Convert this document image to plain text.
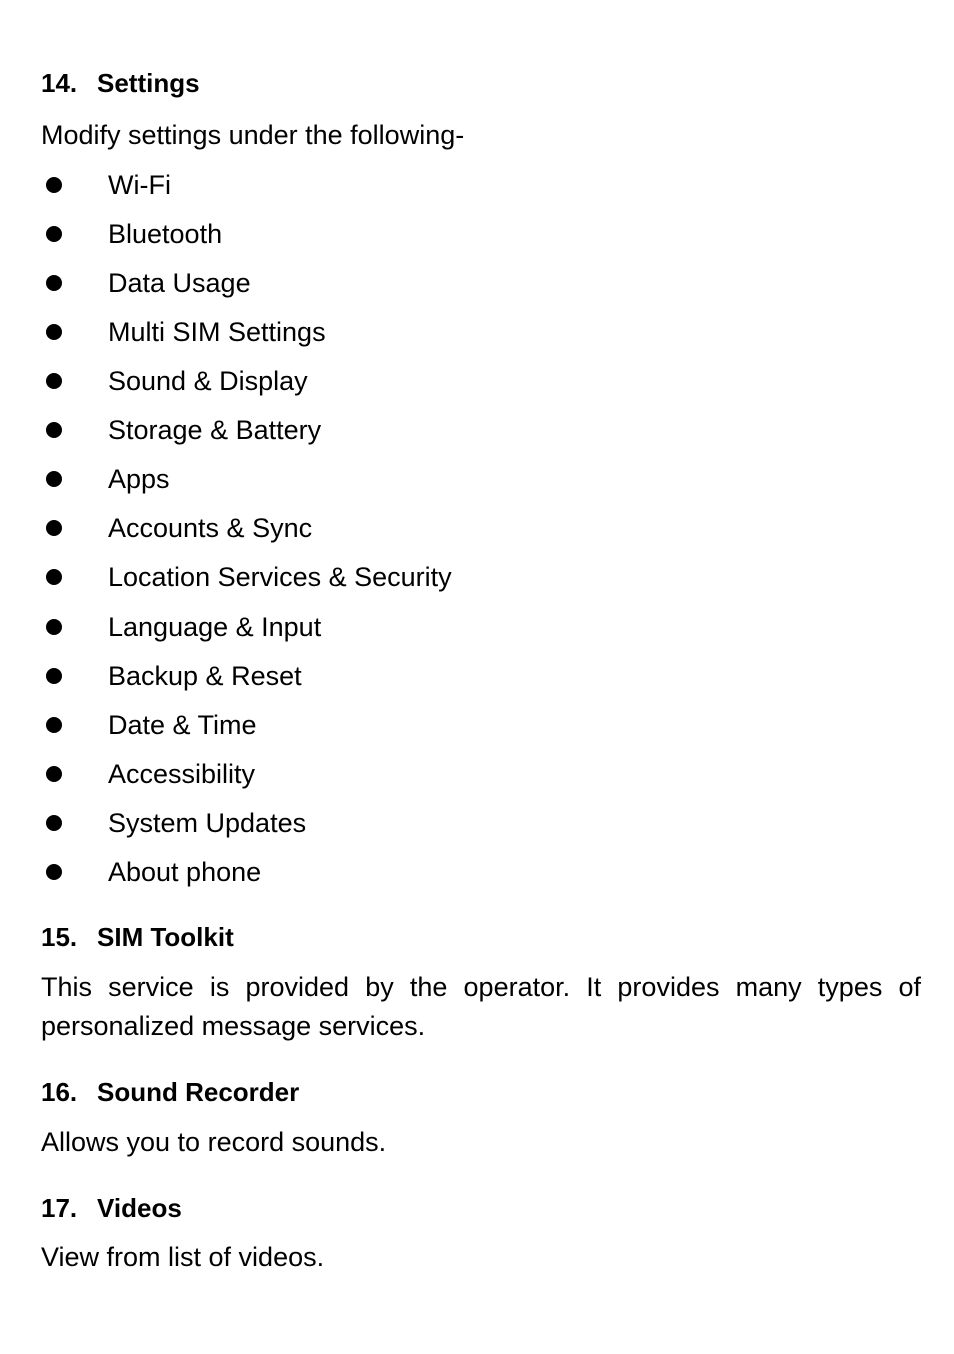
14. Settings
Modify settings under the following-
Wi-Fi
Bluetooth
Data Usage
Multi SIM Settings
Sound & Display
Storage & Battery
Apps
Accounts & Sync
Location Services & Security
Language & Input
Backup & Reset
Date & Time
Accessibility
System Updates
About phone
15. SIM Toolkit
This service is provided by the operator. It provides many types of personalized message services.
16. Sound Recorder
Allows you to record sounds.
17. Videos
View from list of videos.
